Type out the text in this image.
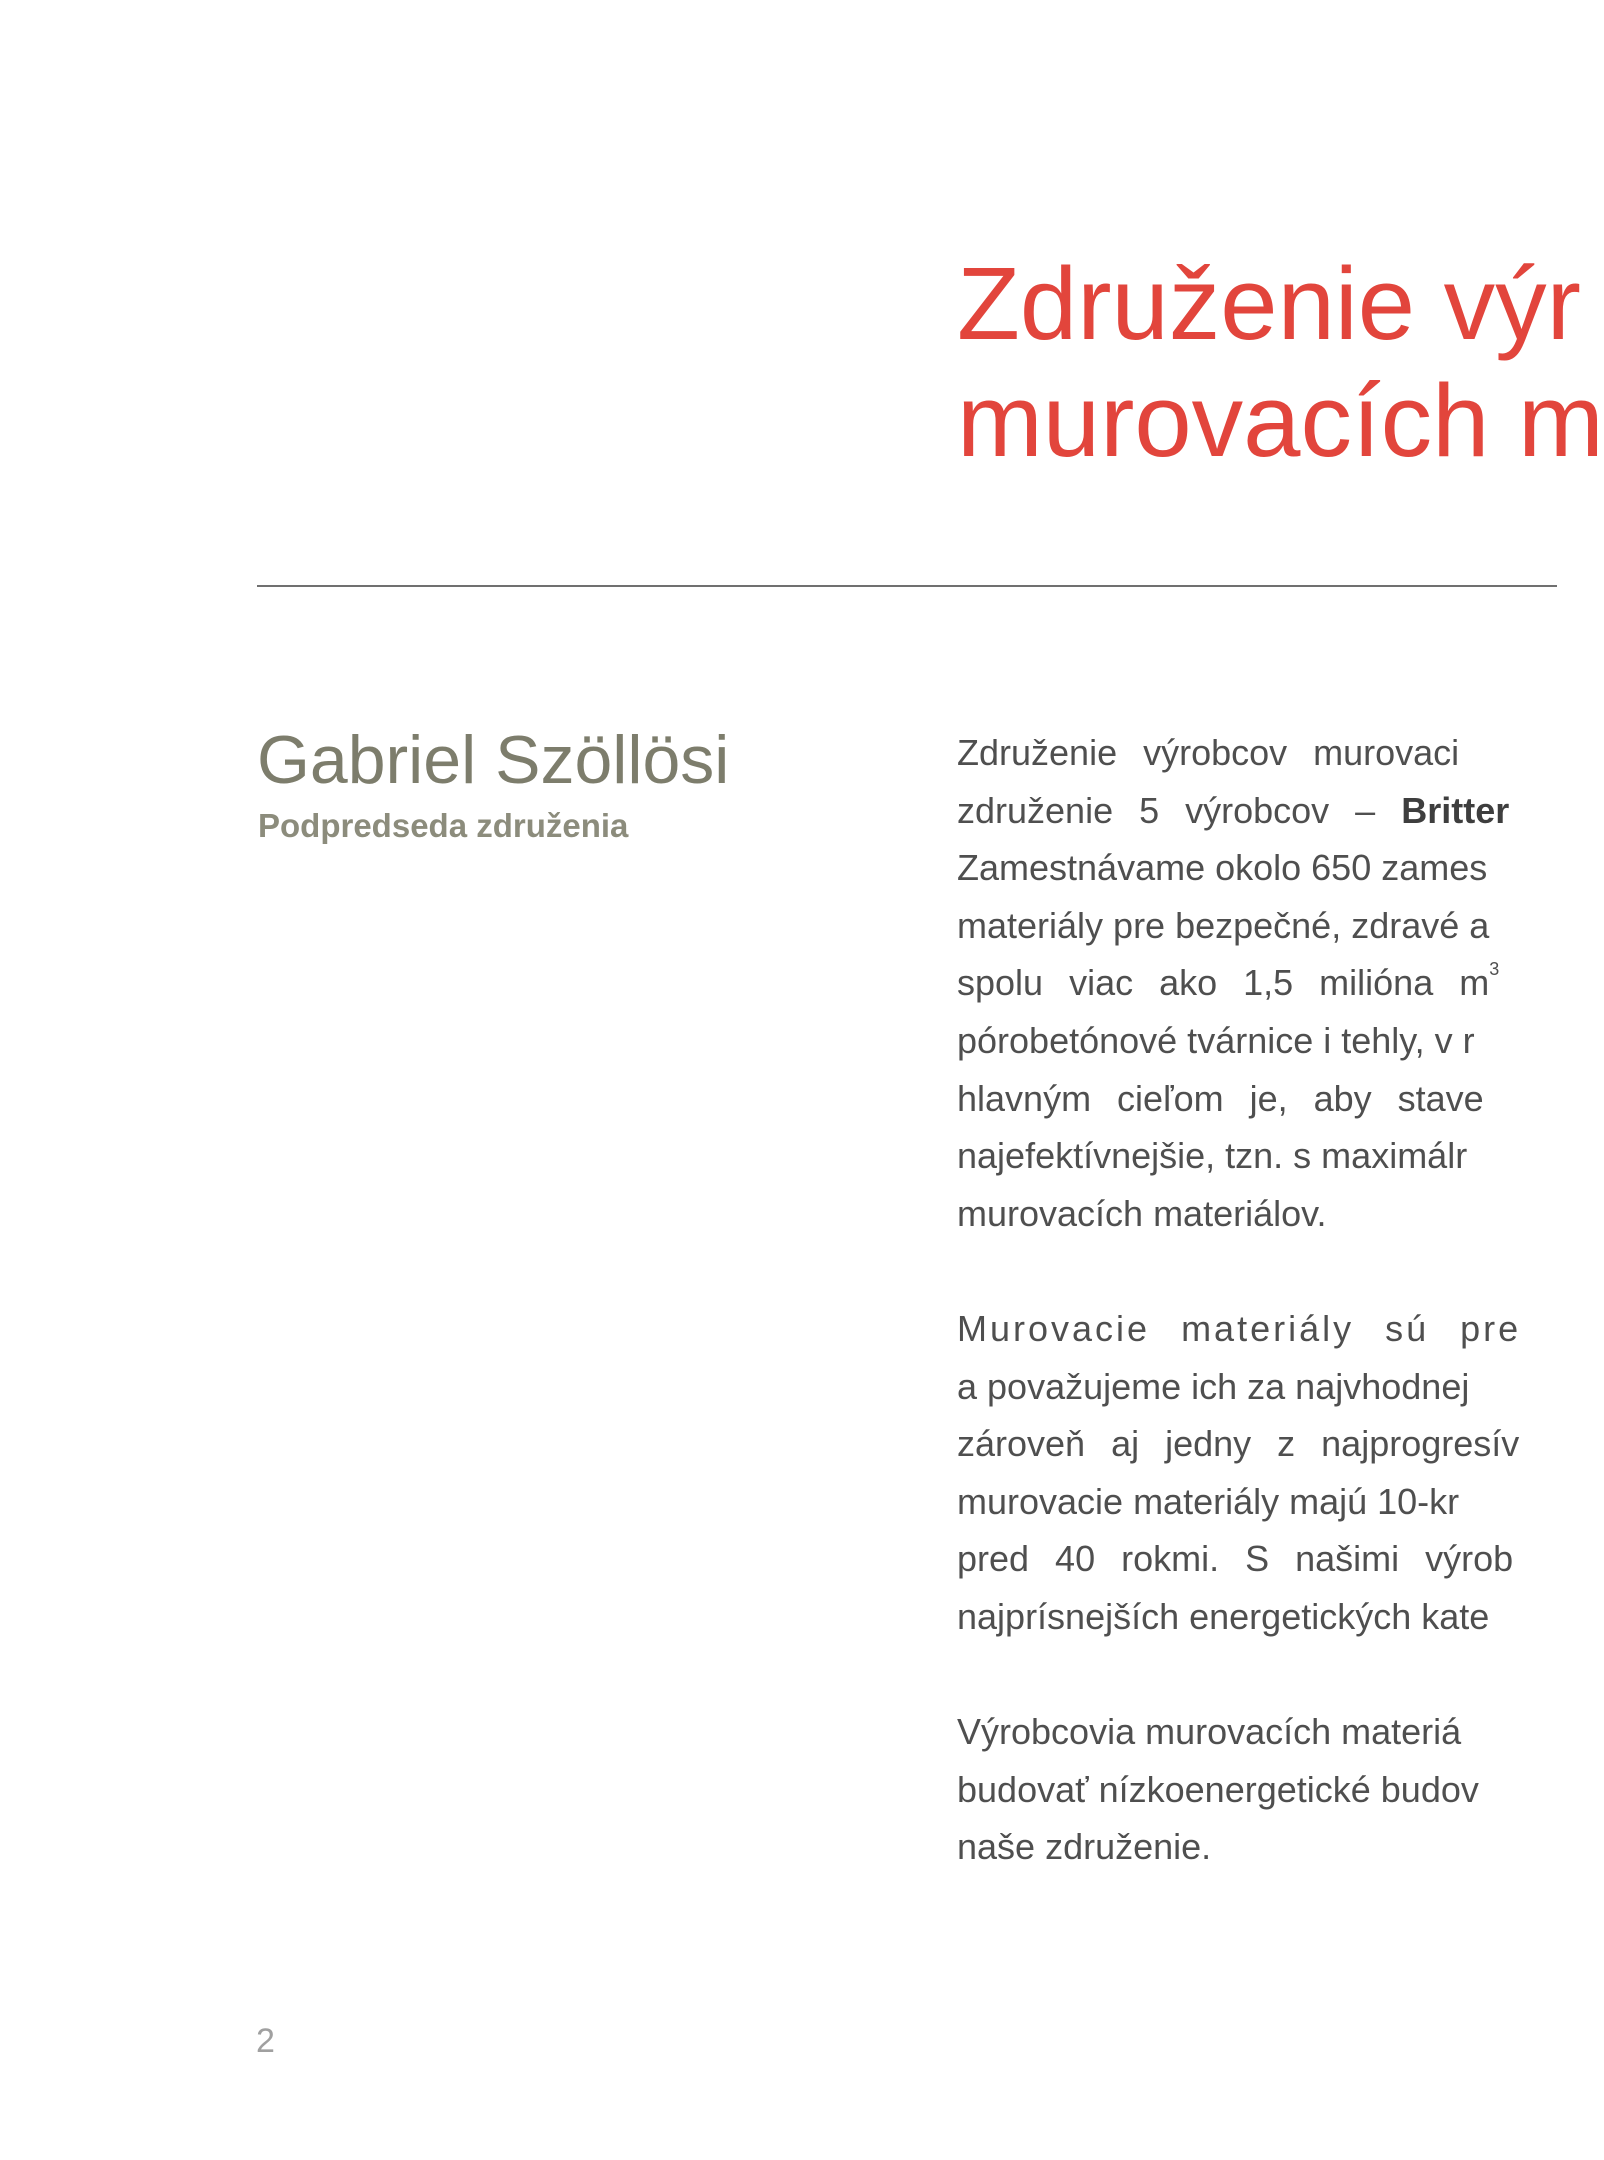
Združenie výr
murovacích m

Gabriel Szöllösi

Podpredseda združenia

Združenie výrobcov murovaci
združenie 5 výrobcov – Britter
Zamestnávame okolo 650 zames
materiály pre bezpečné, zdravé a
spolu viac ako 1,5 milióna $m^3$
pórobetónové tvárnice i tehly, v r
hlavným cieľom je, aby stave
najefektívnejšie, tzn. s maximálr
murovacích materiálov.

Murovacie materiály sú pre
a považujeme ich za najvhodnej
zároveň aj jedny z najprogresív
murovacie materiály majú 10-kr
pred 40 rokmi. S našimi výrob
najprísnejších energetických kate

Výrobcovia murovacích materiá
budovať nízkoenergetické budov
naše združenie.

2
